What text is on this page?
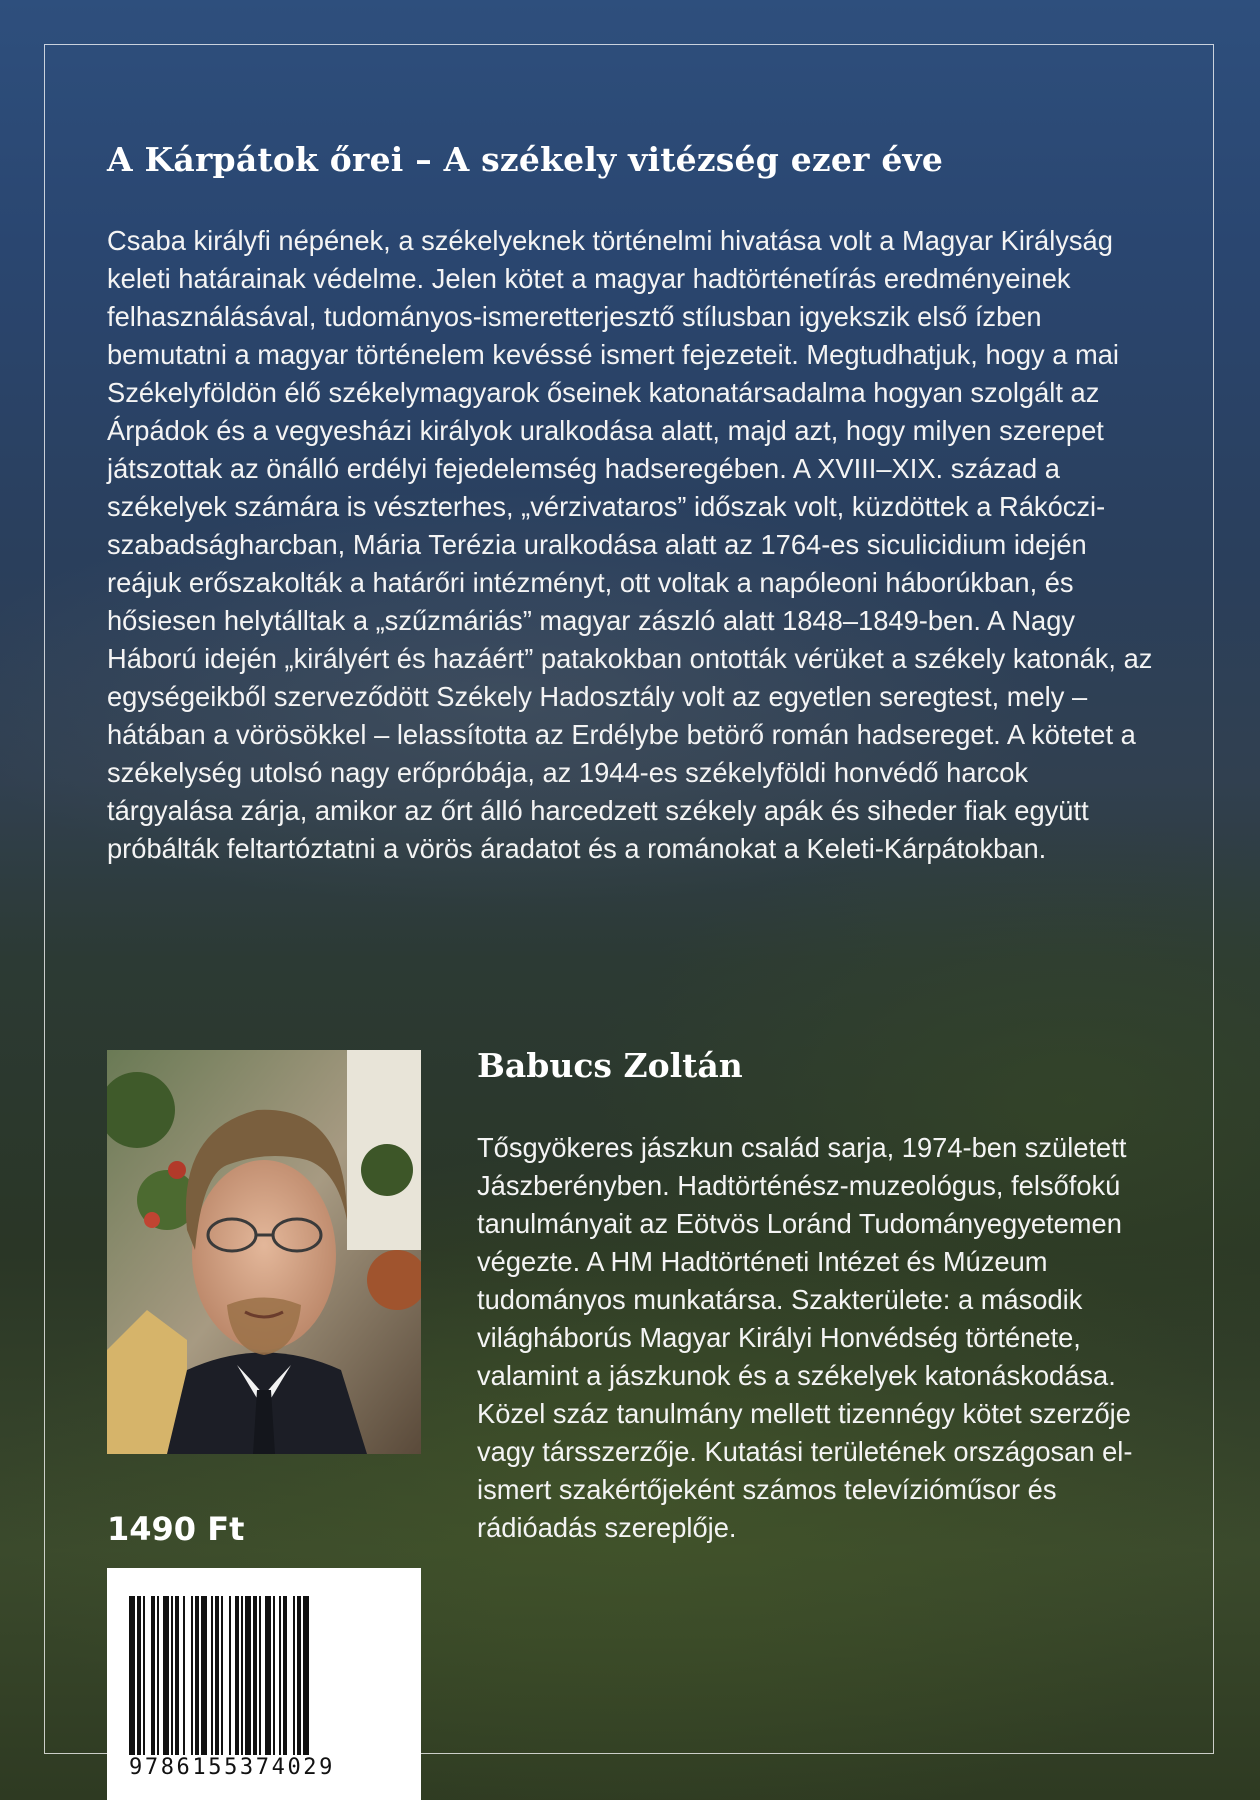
A Kárpátok őrei – A székely vitézség ezer éve

Csaba királyfi népének, a székelyeknek történelmi hivatása volt a Magyar Királyság keleti határainak védelme. Jelen kötet a magyar hadtörténetírás eredményeinek felhasználásával, tudományos-ismeretterjesztő stílusban igyekszik első ízben bemutatni a magyar történelem kevéssé ismert fejezeteit. Megtudhatjuk, hogy a mai Székelyföldön élő székelymagyarok őseinek katonatársadalma hogyan szolgált az Árpádok és a vegyesházi királyok uralkodása alatt, majd azt, hogy milyen szerepet játszottak az önálló erdélyi fejedelemség hadseregében. A XVIII–XIX. század a székelyek számára is vészterhes, „vérzivataros” időszak volt, küzdöttek a Rákóczi-szabadságharcban, Mária Terézia uralkodása alatt az 1764-es siculicidium idején reájuk erőszakolták a határőri intézményt, ott voltak a napóleoni háborúkban, és hősiesen helytálltak a „szűzmáriás” magyar zászló alatt 1848–1849-ben. A Nagy Háború idején „királyért és hazáért” patakokban ontották vérüket a székely katonák, az egységeikből szerveződött Székely Hadosztály volt az egyetlen seregtest, mely – hátában a vörösökkel – lelassította az Erdélybe betörő román hadsereget. A kötetet a székelység utolsó nagy erőpróbája, az 1944-es székelyföldi honvédő harcok tárgyalása zárja, amikor az őrt álló harcedzett székely apák és siheder fiak együtt próbálták feltartóztatni a vörös áradatot és a románokat a Keleti-Kárpátokban.

Babucs Zoltán

Tősgyökeres jászkun család sarja, 1974-ben született Jászberényben. Hadtörténész-muzeológus, felsőfokú tanulmányait az Eötvös Loránd Tudományegyetemen végezte. A HM Hadtörténeti Intézet és Múzeum tudományos munkatársa. Szakterülete: a második világháborús Magyar Királyi Honvédség története, valamint a jászkunok és a székelyek katonáskodása. Közel száz tanulmány mellett tizennégy kötet szerzője vagy társszerzője. Kutatási területének országosan elismert szakértőjeként számos televízióműsor és rádióadás szereplője.

1490 Ft
9786155374029
